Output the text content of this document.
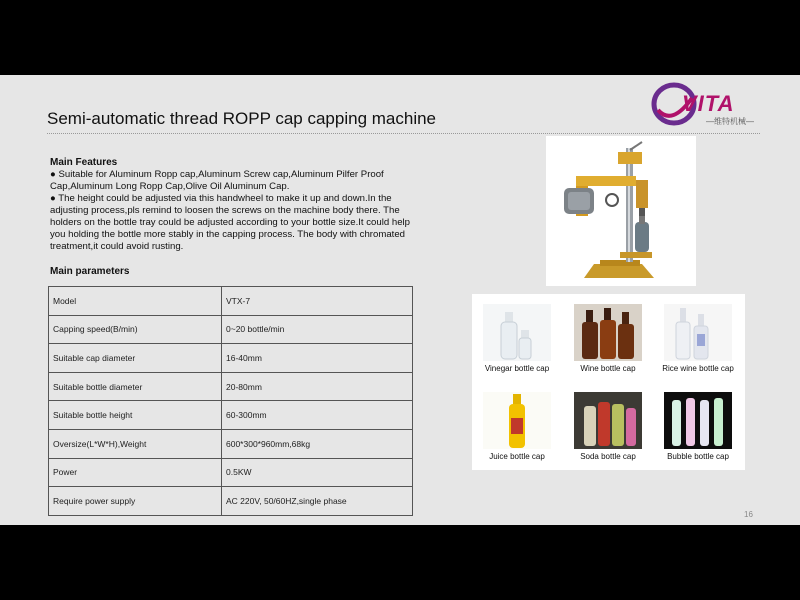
Semi-automatic thread ROPP cap capping machine
VITA
—维特机械—
Main Features
● Suitable for Aluminum Ropp cap,Aluminum Screw cap,Aluminum Pilfer Proof
Cap,Aluminum Long Ropp Cap,Olive Oil Aluminum Cap.
● The height could be adjusted via this handwheel to make it up and down.In the
adjusting process,pls remind to loosen the screws on the machine body there. The
holders on the bottle tray could be adjusted according to your bottle size.It could help
you holding the bottle more stably in the capping process. The body with chromated
treatment,it could avoid rusting.
Main parameters
Model	VTX-7
Capping speed(B/min)	0~20 bottle/min
Suitable cap diameter	16-40mm
Suitable bottle diameter	20-80mm
Suitable bottle height	60-300mm
Oversize(L*W*H),Weight	600*300*960mm,68kg
Power	0.5KW
Require power supply	AC 220V, 50/60HZ,single phase
Vinegar bottle cap	Wine bottle cap	Rice wine bottle cap
Juice bottle cap	Soda bottle cap	Bubble bottle cap
16
